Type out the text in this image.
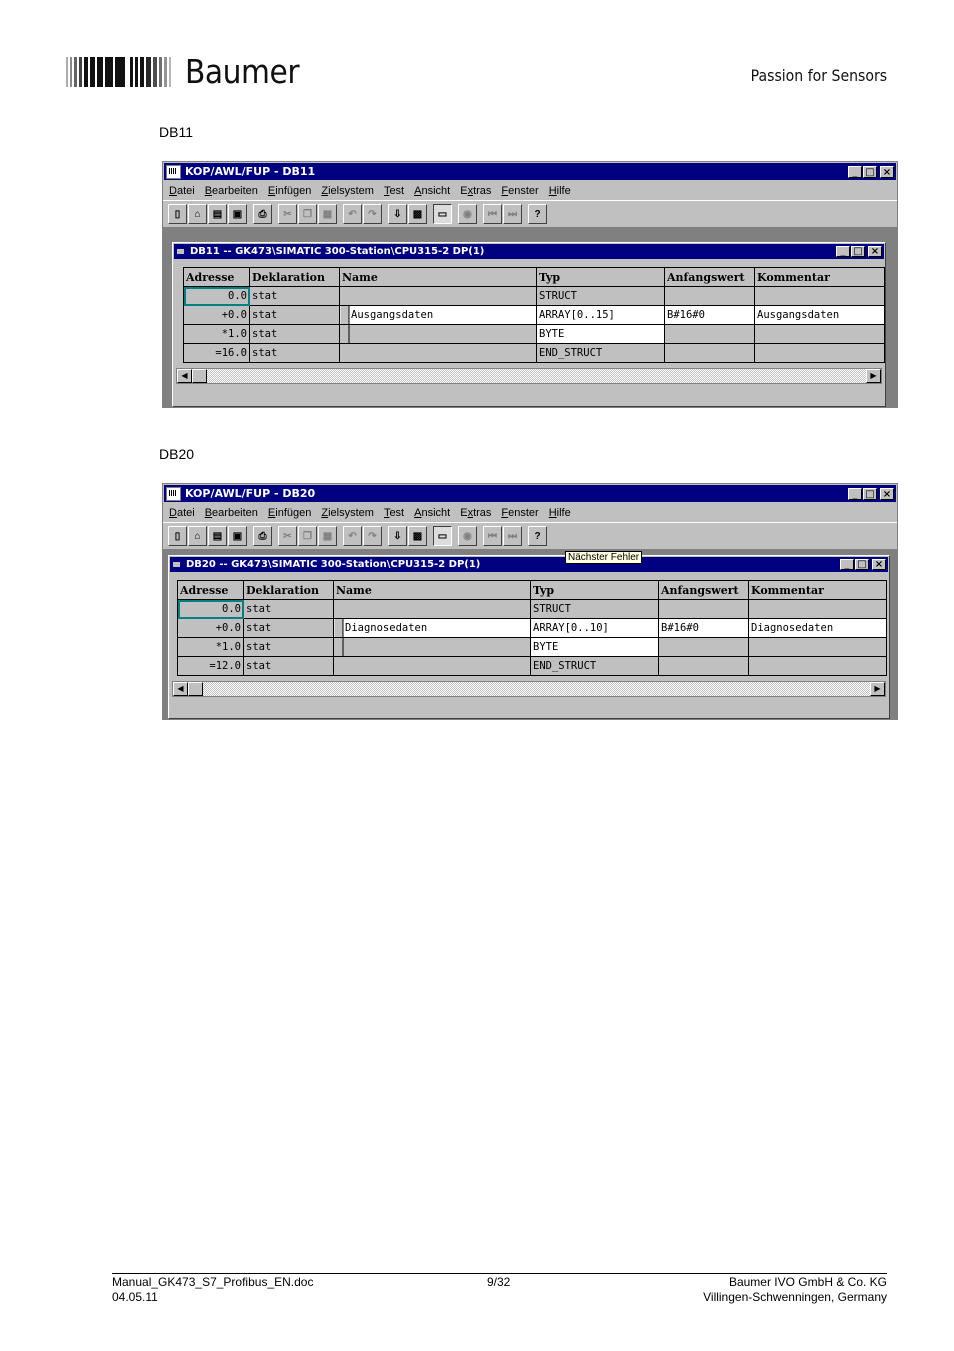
Baumer	Passion for Sensors
DB11
KOP/AWL/FUP - DB11	_ □ ×
Datei Bearbeiten Einfügen Zielsystem Test Ansicht Extras Fenster Hilfe
▯ ⌂ ▤ ▣ ⎙ ✂ ❐ ▦ ↶ ↷ ⇩ ▩ ▭ ◉ ⏮ ⏭ ?
DB11 -- GK473\SIMATIC 300-Station\CPU315-2 DP(1)	_ □ ×
Adresse	Deklaration	Name	Typ	Anfangswert	Kommentar
0.0	stat		STRUCT		
+0.0	stat	Ausgangsdaten	ARRAY[0..15]	B#16#0	Ausgangsdaten
*1.0	stat		BYTE		
=16.0	stat		END_STRUCT		
◀	▶
DB20
KOP/AWL/FUP - DB20	_ □ ×
Datei Bearbeiten Einfügen Zielsystem Test Ansicht Extras Fenster Hilfe
▯ ⌂ ▤ ▣ ⎙ ✂ ❐ ▦ ↶ ↷ ⇩ ▩ ▭ ◉ ⏮ ⏭ ?
DB20 -- GK473\SIMATIC 300-Station\CPU315-2 DP(1)	_ □ ×
Adresse	Deklaration	Name	Typ	Anfangswert	Kommentar
0.0	stat		STRUCT		
+0.0	stat	Diagnosedaten	ARRAY[0..10]	B#16#0	Diagnosedaten
*1.0	stat		BYTE		
=12.0	stat		END_STRUCT		
◀	▶
Nächster Fehler
Manual_GK473_S7_Profibus_EN.doc
04.05.11
9/32	Baumer IVO GmbH & Co. KG
Villingen-Schwenningen, Germany
